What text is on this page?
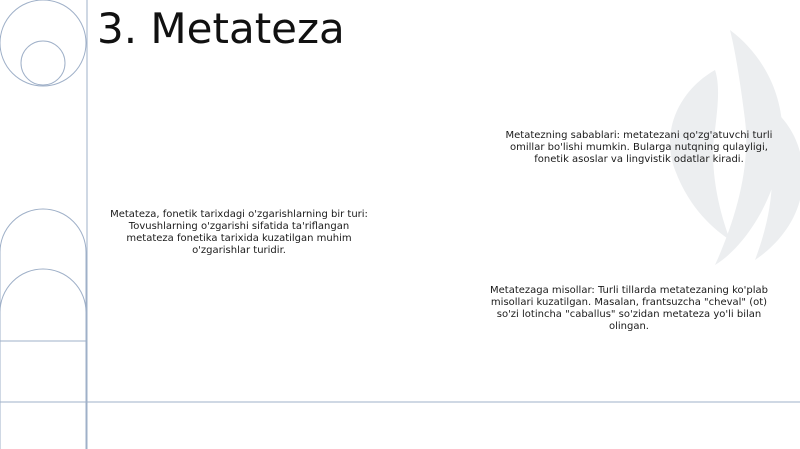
3. Metateza
Metateza, fonetik tarixdagi o'zgarishlarning bir turi: Tovushlarning o'zgarishi sifatida ta'riflangan metateza fonetika tarixida kuzatilgan muhim o'zgarishlar turidir.
Metatezning sabablari: metatezani qo'zg'atuvchi turli omillar bo'lishi mumkin. Bularga nutqning qulayligi, fonetik asoslar va lingvistik odatlar kiradi.
Metatezaga misollar: Turli tillarda metatezaning ko'plab misollari kuzatilgan. Masalan, frantsuzcha "cheval" (ot) so'zi lotincha "caballus" so'zidan metateza yo'li bilan olingan.
